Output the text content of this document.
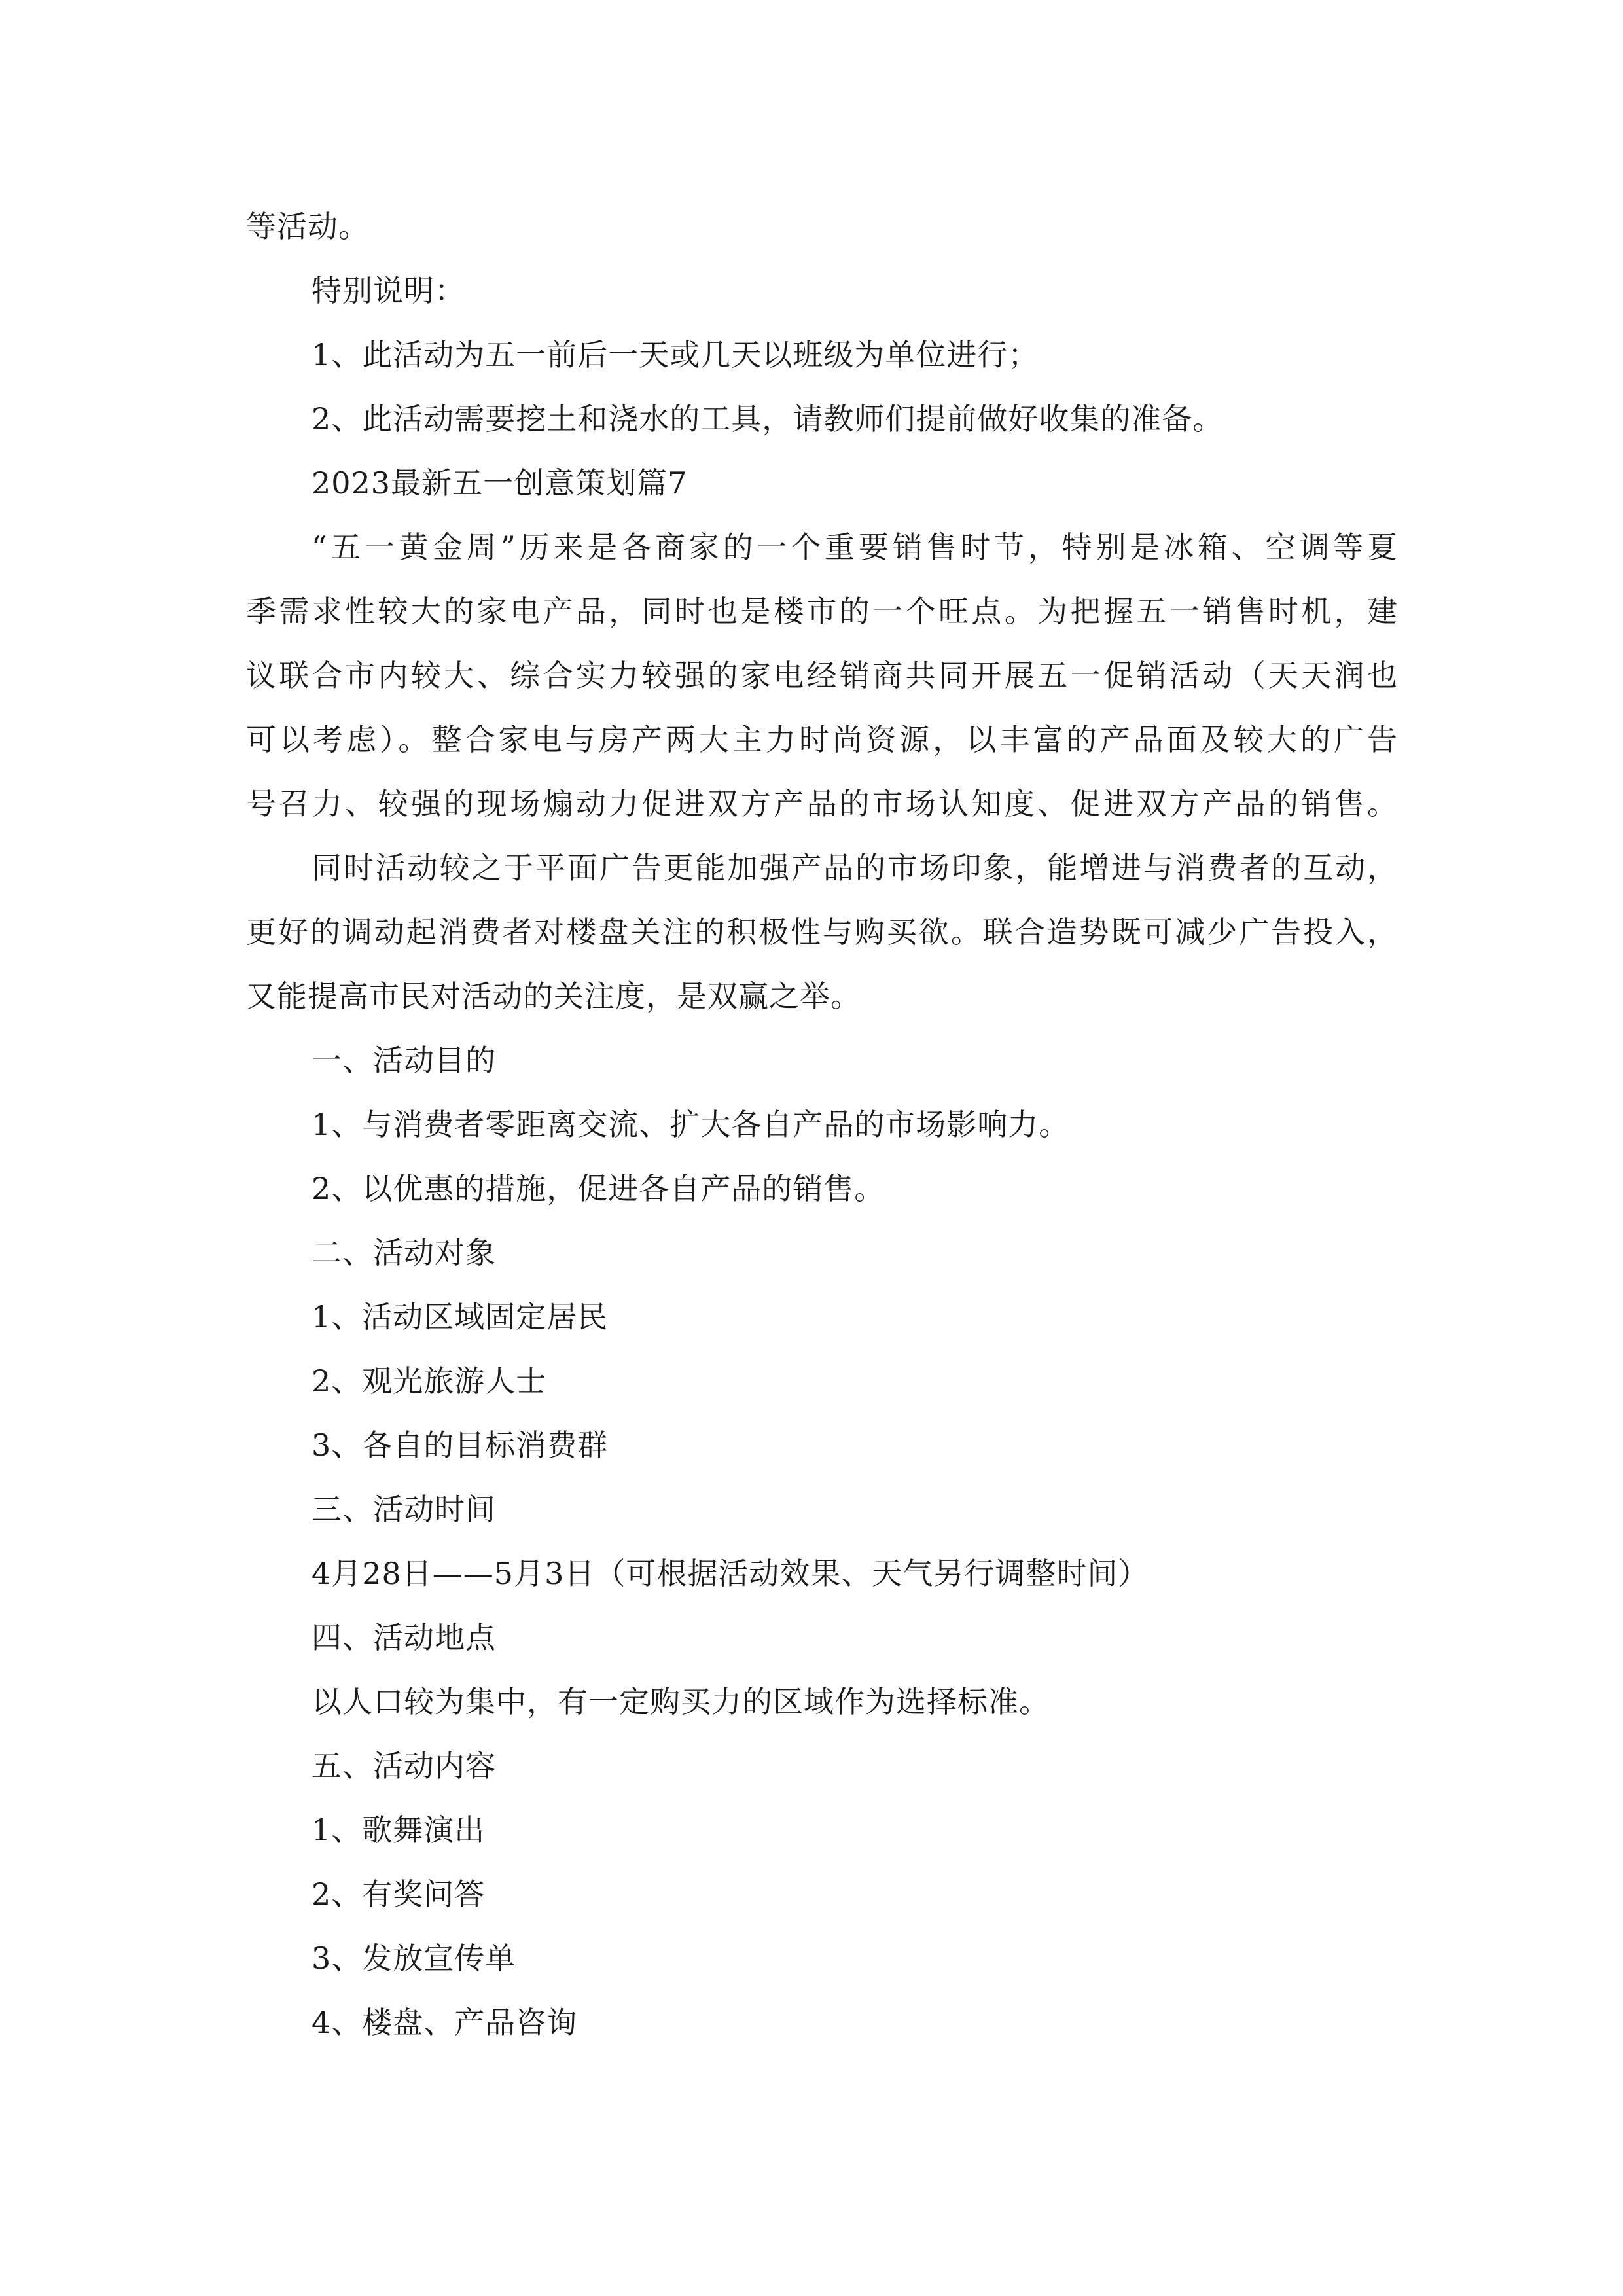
等活动。
特别说明：
1、此活动为五一前后一天或几天以班级为单位进行；
2、此活动需要挖土和浇水的工具，请教师们提前做好收集的准备。
2023最新五一创意策划篇7
“五一黄金周”历来是各商家的一个重要销售时节，特别是冰箱、空调等夏
季需求性较大的家电产品，同时也是楼市的一个旺点。为把握五一销售时机，建
议联合市内较大、综合实力较强的家电经销商共同开展五一促销活动（天天润也
可以考虑）。整合家电与房产两大主力时尚资源，以丰富的产品面及较大的广告
号召力、较强的现场煽动力促进双方产品的市场认知度、促进双方产品的销售。
同时活动较之于平面广告更能加强产品的市场印象，能增进与消费者的互动，
更好的调动起消费者对楼盘关注的积极性与购买欲。联合造势既可减少广告投入，
又能提高市民对活动的关注度，是双赢之举。
一、活动目的
1、与消费者零距离交流、扩大各自产品的市场影响力。
2、以优惠的措施，促进各自产品的销售。
二、活动对象
1、活动区域固定居民
2、观光旅游人士
3、各自的目标消费群
三、活动时间
4月28日——5月3日（可根据活动效果、天气另行调整时间）
四、活动地点
以人口较为集中，有一定购买力的区域作为选择标准。
五、活动内容
1、歌舞演出
2、有奖问答
3、发放宣传单
4、楼盘、产品咨询
